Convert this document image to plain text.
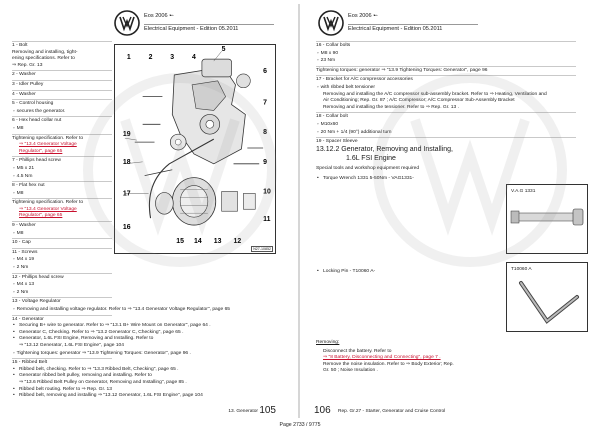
Eos 2006 ➸
Electrical Equipment - Edition 05.2011

1 - Bolt

Removing and installing, tight-

ening specifications. Refer to

⇒ Rep. Gr. 13

2 - Washer

3 - Idler Pulley

4 - Washer

5 - Control housing

▫ secures the generator.

6 - Hex head collar nut

▫ M8

Tightening specification. Refer to

⇒ "13.4 Generator Voltage

Regulator", page 65

7 - Phillips head screw

▫ M5 x 21

▫ 4.5 Nm

8 - Flat hex nut

▫ M8

Tightening specification. Refer to

⇒ "13.4 Generator Voltage

Regulator", page 65

9 - Washer

▫ M8

10 - Cap

11 - Screws

▫ M4 x 19

▫ 2 Nm

12 - Phillips head screw

▫ M4 x 13

▫ 2 Nm

13 - Voltage Regulator

▫ Removing and installing voltage regulator. Refer to ⇒ "13.4 Generator Voltage Regulator", page 65

14 - Generator

• Securing B+ wire to generator. Refer to ⇒ "13.1 B+ Wire Mount on Generator", page 64 .

• Generator C, Checking. Refer to ⇒ "13.2 Generator C, Checking", page 65 .

• Generator, 1.6L FSI Engine, Removing and Installing. Refer to

⇒ "13.12 Generator, 1.6L FSI Engine", page 104

▫ Tightening torques: generator ⇒ "13.9 Tightening Torques: Generator", page 96 .

15 - Ribbed Belt

• Ribbed belt, checking. Refer to ⇒ "13.3 Ribbed Belt, Checking", page 65 .

• Generator ribbed belt pulley, removing and installing. Refer to

⇒ "13.6 Ribbed Belt Pulley on Generator, Removing and Installing", page 85 .

• Ribbed belt routing. Refer to ⇒ Rep. Gr. 13

• Ribbed belt, removing and installing ⇒ "13.12 Generator, 1.6L FSI Engine", page 104

1	2	3	4
5
6
7
8
9
10
11
12
13
14
15
16
17
18
19
N27-10852
13. Generator 105
Eos 2006 ➸
Electrical Equipment - Edition 05.2011

16 - Collar bolts

▫ M8 x 90

▫ 23 Nm

Tightening torques: generator ⇒ "13.9 Tightening Torques: Generator", page 96

17 - Bracket for A/C compressor accessories

▫ with ribbed belt tensioner

Removing and installing the A/C compressor sub-assembly bracket. Refer to ⇒ Heating, Ventilation and

Air Conditioning; Rep. Gr. 87 ; A/C Compressor; A/C Compressor Sub-Assembly Bracket

Removing and installing the tensioner. Refer to ⇒ Rep. Gr. 13 .

18 - Collar bolt

▫ M10x60

▫ 20 Nm + 1/4 (90°) additional turn

19 - Spacer Sleeve

13.12.2 Generator, Removing and Installing,

1.6L FSI Engine

Special tools and workshop equipment required

• Torque Wrench 1331 5-50Nm - VAG1331-

• Locking Pin - T10060 A-

V.A.G 1331
T10060 A

Removing:

Disconnect the battery. Refer to

⇒ "8 Battery, Disconnecting and Connecting", page 7 .

Remove the noise insulation. Refer to ⇒ Body Exterior; Rep.

Gr. 50 ; Noise Insulation .

106 Rep. Gr.27 - Starter, Generator and Cruise Control
Page 2733 / 9775
